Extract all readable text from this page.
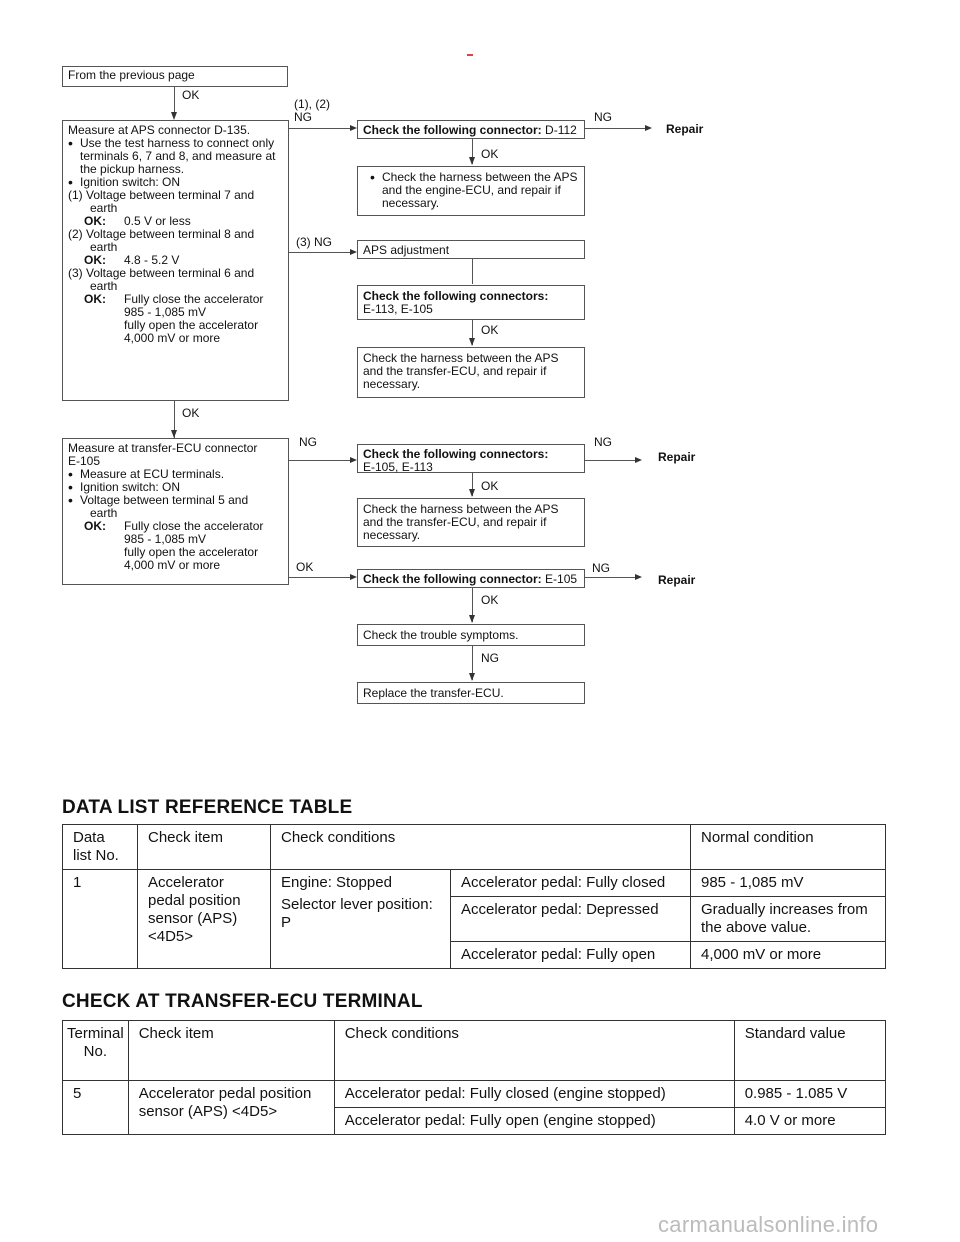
From the previous page
OK
Measure at APS connector D-135.
• Use the test harness to connect only terminals 6, 7 and 8, and measure at the pickup harness.
• Ignition switch: ON
(1) Voltage between terminal 7 and
earth
OK:	0.5 V or less
(2) Voltage between terminal 8 and
earth
OK:	4.8 - 5.2 V
(3) Voltage between terminal 6 and
earth
OK:	Fully close the accelerator
985 - 1,085 mV
fully open the accelerator
4,000 mV or more
(1), (2)
NG
Check the following connector: D-112
NG
Repair
OK
• Check the harness between the APS and the engine-ECU, and repair if necessary.
(3) NG
APS adjustment
Check the following connectors:
E-113, E-105
OK
Check the harness between the APS and the transfer-ECU, and repair if necessary.
OK
Measure at transfer-ECU connector
E-105
• Measure at ECU terminals.
• Ignition switch: ON
• Voltage between terminal 5 and
earth
OK:	Fully close the accelerator
985 - 1,085 mV
fully open the accelerator
4,000 mV or more
NG
Check the following connectors:
E-105, E-113
NG
Repair
OK
Check the harness between the APS and the transfer-ECU, and repair if necessary.
OK
Check the following connector: E-105
NG
Repair
OK
Check the trouble symptoms.
NG
Replace the transfer-ECU.
DATA LIST REFERENCE TABLE
Data list No.	Check item	Check conditions		Normal condition
1	Accelerator pedal position sensor (APS) <4D5>	Engine: Stopped
Selector lever position: P	Accelerator pedal: Fully closed	985 - 1,085 mV
			Accelerator pedal: Depressed	Gradually increases from the above value.
			Accelerator pedal: Fully open	4,000 mV or more
CHECK AT TRANSFER-ECU TERMINAL
Terminal No.	Check item	Check conditions	Standard value
5	Accelerator pedal position sensor (APS) <4D5>	Accelerator pedal: Fully closed (engine stopped)	0.985 - 1.085 V
		Accelerator pedal: Fully open (engine stopped)	4.0 V or more
carmanualsonline.info
